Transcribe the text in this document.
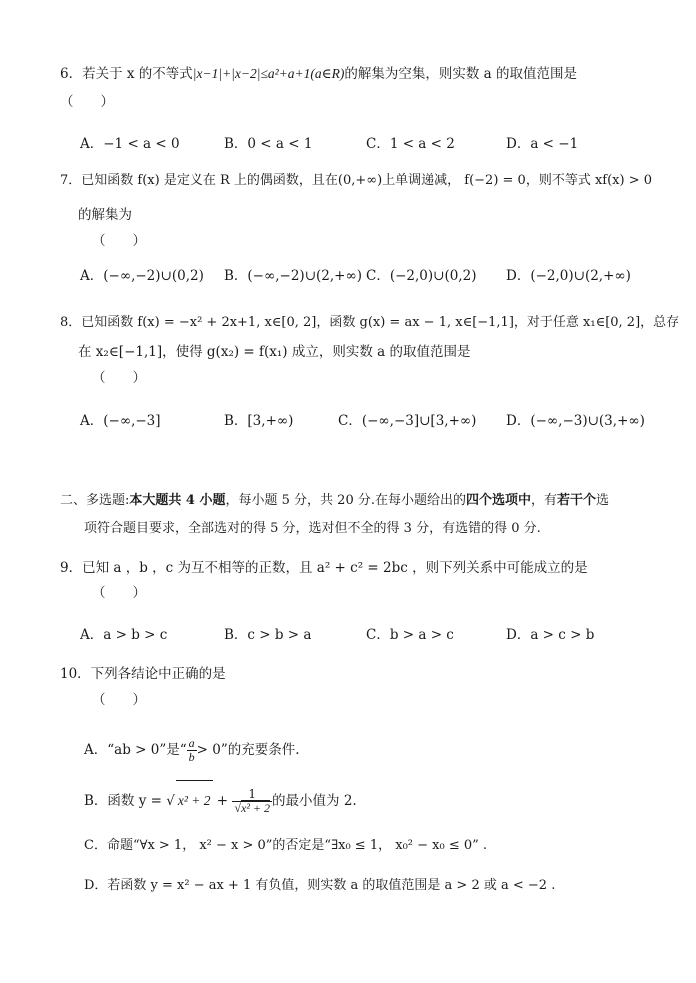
6．若关于 x 的不等式|x−1|+|x−2|≤a²+a+1(a∈R)的解集为空集，则实数 a 的取值范围是
（　　）
A．−1 < a < 0	B．0 < a < 1	C．1 < a < 2	D．a < −1
7．已知函数 f(x) 是定义在 R 上的偶函数，且在(0,+∞)上单调递减， f(−2) = 0，则不等式 xf(x) > 0
的解集为
（　　）
A．(−∞,−2)∪(0,2) B．(−∞,−2)∪(2,+∞) C．(−2,0)∪(0,2) D．(−2,0)∪(2,+∞)
8．已知函数 f(x) = −x² + 2x+1, x∈[0, 2]，函数 g(x) = ax − 1, x∈[−1,1]，对于任意 x₁∈[0, 2]，总存
在 x₂∈[−1,1]，使得 g(x₂) = f(x₁) 成立，则实数 a 的取值范围是
（　　）
A．(−∞,−3]	B．[3,+∞)	C．(−∞,−3]∪[3,+∞) D．(−∞,−3)∪(3,+∞)
二、多选题:本大题共 4 小题，每小题 5 分，共 20 分.在每小题给出的四个选项中，有若干个选
项符合题目要求，全部选对的得 5 分，选对但不全的得 3 分，有选错的得 0 分.
9．已知 a ，b ，c 为互不相等的正数，且 a² + c² = 2bc ，则下列关系中可能成立的是
（　　）
A．a > b > c	B．c > b > a	C．b > a > c	D．a > c > b
10．下列各结论中正确的是
（　　）
A．“ab > 0”是“ $\frac{a}{b} > 0$”的充要条件.
B．函数 y = √ $x^2 + 2 + \frac{1}{\text{√x² + 2}}$ 的最小值为 2.
C．命题“∀x > 1， x² − x > 0”的否定是“∃x₀ ≤ 1， x₀² − x₀ ≤ 0” .
D．若函数 y = x² − ax + 1 有负值，则实数 a 的取值范围是 a > 2 或 a < −2 .
